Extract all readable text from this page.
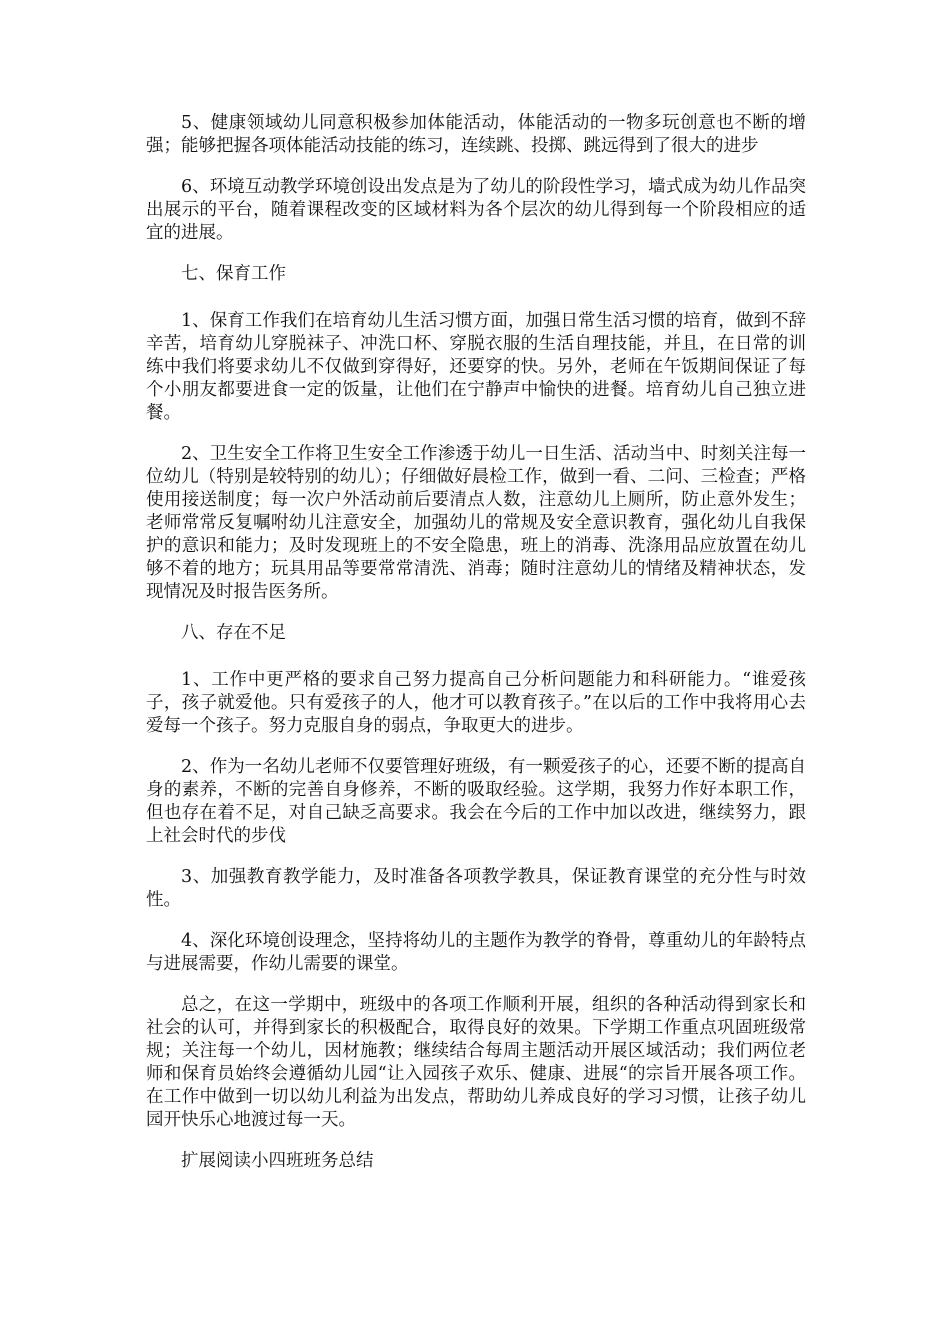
5、健康领域幼儿同意积极参加体能活动，体能活动的一物多玩创意也不断的增强；能够把握各项体能活动技能的练习，连续跳、投掷、跳远得到了很大的进步

6、环境互动教学环境创设出发点是为了幼儿的阶段性学习，墙式成为幼儿作品突出展示的平台，随着课程改变的区域材料为各个层次的幼儿得到每一个阶段相应的适宜的进展。

七、保育工作

1、保育工作我们在培育幼儿生活习惯方面，加强日常生活习惯的培育，做到不辞辛苦，培育幼儿穿脱袜子、冲洗口杯、穿脱衣服的生活自理技能，并且，在日常的训练中我们将要求幼儿不仅做到穿得好，还要穿的快。另外，老师在午饭期间保证了每个小朋友都要进食一定的饭量，让他们在宁静声中愉快的进餐。培育幼儿自己独立进餐。

2、卫生安全工作将卫生安全工作渗透于幼儿一日生活、活动当中、时刻关注每一位幼儿（特别是较特别的幼儿）；仔细做好晨检工作，做到一看、二问、三检查；严格使用接送制度；每一次户外活动前后要清点人数，注意幼儿上厕所，防止意外发生；老师常常反复嘱咐幼儿注意安全，加强幼儿的常规及安全意识教育，强化幼儿自我保护的意识和能力；及时发现班上的不安全隐患，班上的消毒、洗涤用品应放置在幼儿够不着的地方；玩具用品等要常常清洗、消毒；随时注意幼儿的情绪及精神状态，发现情况及时报告医务所。

八、存在不足

1、工作中更严格的要求自己努力提高自己分析问题能力和科研能力。“谁爱孩子，孩子就爱他。只有爱孩子的人，他才可以教育孩子。”在以后的工作中我将用心去爱每一个孩子。努力克服自身的弱点，争取更大的进步。

2、作为一名幼儿老师不仅要管理好班级，有一颗爱孩子的心，还要不断的提高自身的素养，不断的完善自身修养，不断的吸取经验。这学期，我努力作好本职工作，但也存在着不足，对自己缺乏高要求。我会在今后的工作中加以改进，继续努力，跟上社会时代的步伐

3、加强教育教学能力，及时准备各项教学教具，保证教育课堂的充分性与时效性。

4、深化环境创设理念，坚持将幼儿的主题作为教学的脊骨，尊重幼儿的年龄特点与进展需要，作幼儿需要的课堂。

总之，在这一学期中，班级中的各项工作顺利开展，组织的各种活动得到家长和社会的认可，并得到家长的积极配合，取得良好的效果。下学期工作重点巩固班级常规；关注每一个幼儿，因材施教；继续结合每周主题活动开展区域活动；我们两位老师和保育员始终会遵循幼儿园“让入园孩子欢乐、健康、进展“的宗旨开展各项工作。在工作中做到一切以幼儿利益为出发点，帮助幼儿养成良好的学习习惯，让孩子幼儿园开快乐心地渡过每一天。

扩展阅读小四班班务总结
